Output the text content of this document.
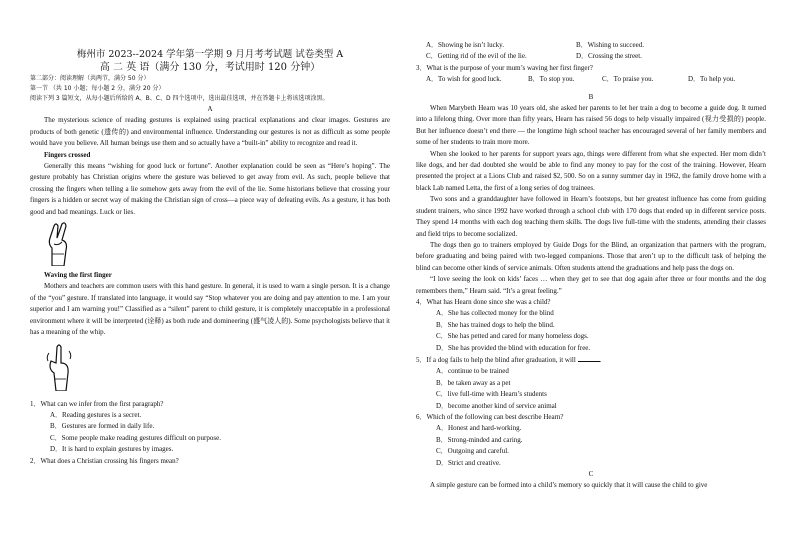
梅州市 2023--2024 学年第一学期 9 月月考考试题 试卷类型 A
高 二 英 语（满分 130 分，考试用时 120 分钟）
第二部分：阅读理解（共两节，满分 50 分）
第一节 （共 10 小题；每小题 2 分，满分 20 分）
阅读下列 3 篇短文，从每小题后所给的 A、B、C、D 四个选项中，选出最佳选项，并在答题卡上将该选项涂黑。
A

The mysterious science of reading gestures is explained using practical explanations and clear images. Gestures are products of both genetic (遗传的) and environmental influence. Understanding our gestures is not as difficult as some people would have you believe. All human beings use them and so actually have a “built-in” ability to recognize and read it.

Fingers crossed

Generally this means “wishing for good luck or fortune”. Another explanation could be seen as “Here’s hoping”. The gesture probably has Christian origins where the gesture was believed to get away from evil. As such, people believe that crossing the fingers when telling a lie somehow gets away from the evil of the lie. Some historians believe that crossing your fingers is a hidden or secret way of making the Christian sign of cross—a piece way of defeating evils. As a gesture, it has both good and bad meanings. Luck or lies.

Waving the first finger

Mothers and teachers are common users with this hand gesture. In general, it is used to warn a single person. It is a change of the “you” gesture. If translated into language, it would say “Stop whatever you are doing and pay attention to me. I am your superior and I am warning you!” Classified as a “silent” parent to child gesture, it is completely unacceptable in a professional environment where it will be interpreted (诠释) as both rude and domineering (盛气凌人的). Some psychologists believe that it has a meaning of the whip.

1．What can we infer from the first paragraph?

A．Reading gestures is a secret.

B．Gestures are formed in daily life.

C．Some people make reading gestures difficult on purpose.

D．It is hard to explain gestures by images.

2．What does a Christian crossing his fingers mean?

A．Showing he isn’t lucky.	B．Wishing to succeed.
C．Getting rid of the evil of the lie.	D．Crossing the street.

3．What is the purpose of your mum’s waving her first finger?

A．To wish for good luck.	B．To stop you.	C．To praise you.	D．To help you.
B

When Marybeth Hearn was 10 years old, she asked her parents to let her train a dog to become a guide dog. It turned into a lifelong thing. Over more than fifty years, Hearn has raised 56 dogs to help visually impaired (视力受损的) people. But her influence doesn’t end there — the longtime high school teacher has encouraged several of her family members and some of her students to train more more.

When she looked to her parents for support years ago, things were different from what she expected. Her mom didn’t like dogs, and her dad doubted she would be able to find any money to pay for the cost of the training. However, Hearn presented the project at a Lions Club and raised $2, 500. So on a sunny summer day in 1962, the family drove home with a black Lab named Letta, the first of a long series of dog trainees.

Two sons and a granddaughter have followed in Hearn’s footsteps, but her greatest influence has come from guiding student trainers, who since 1992 have worked through a school club with 170 dogs that ended up in different service posts. They spend 14 months with each dog teaching them skills. The dogs live full-time with the students, attending their classes and field trips to become socialized.

The dogs then go to trainers employed by Guide Dogs for the Blind, an organization that partners with the program, before graduating and being paired with two-legged companions. Those that aren’t up to the difficult task of helping the blind can become other kinds of service animals. Often students attend the graduations and help pass the dogs on.

“I love seeing the look on kids’ faces … when they get to see that dog again after three or four months and the dog remembers them,” Hearn said. “It’s a great feeling.”

4．What has Hearn done since she was a child?

A．She has collected money for the blind

B．She has trained dogs to help the blind.

C．She has petted and cared for many homeless dogs.

D．She has provided the blind with education for free.

5．If a dog fails to help the blind after graduation, it will	.

A．continue to be trained

B．be taken away as a pet

C．live full-time with Hearn’s students

D．become another kind of service animal

6．Which of the following can best describe Hearn?

A．Honest and hard-working.

B．Strong-minded and caring.

C．Outgoing and careful.

D．Strict and creative.

C

A simple gesture can be formed into a child’s memory so quickly that it will cause the child to give
